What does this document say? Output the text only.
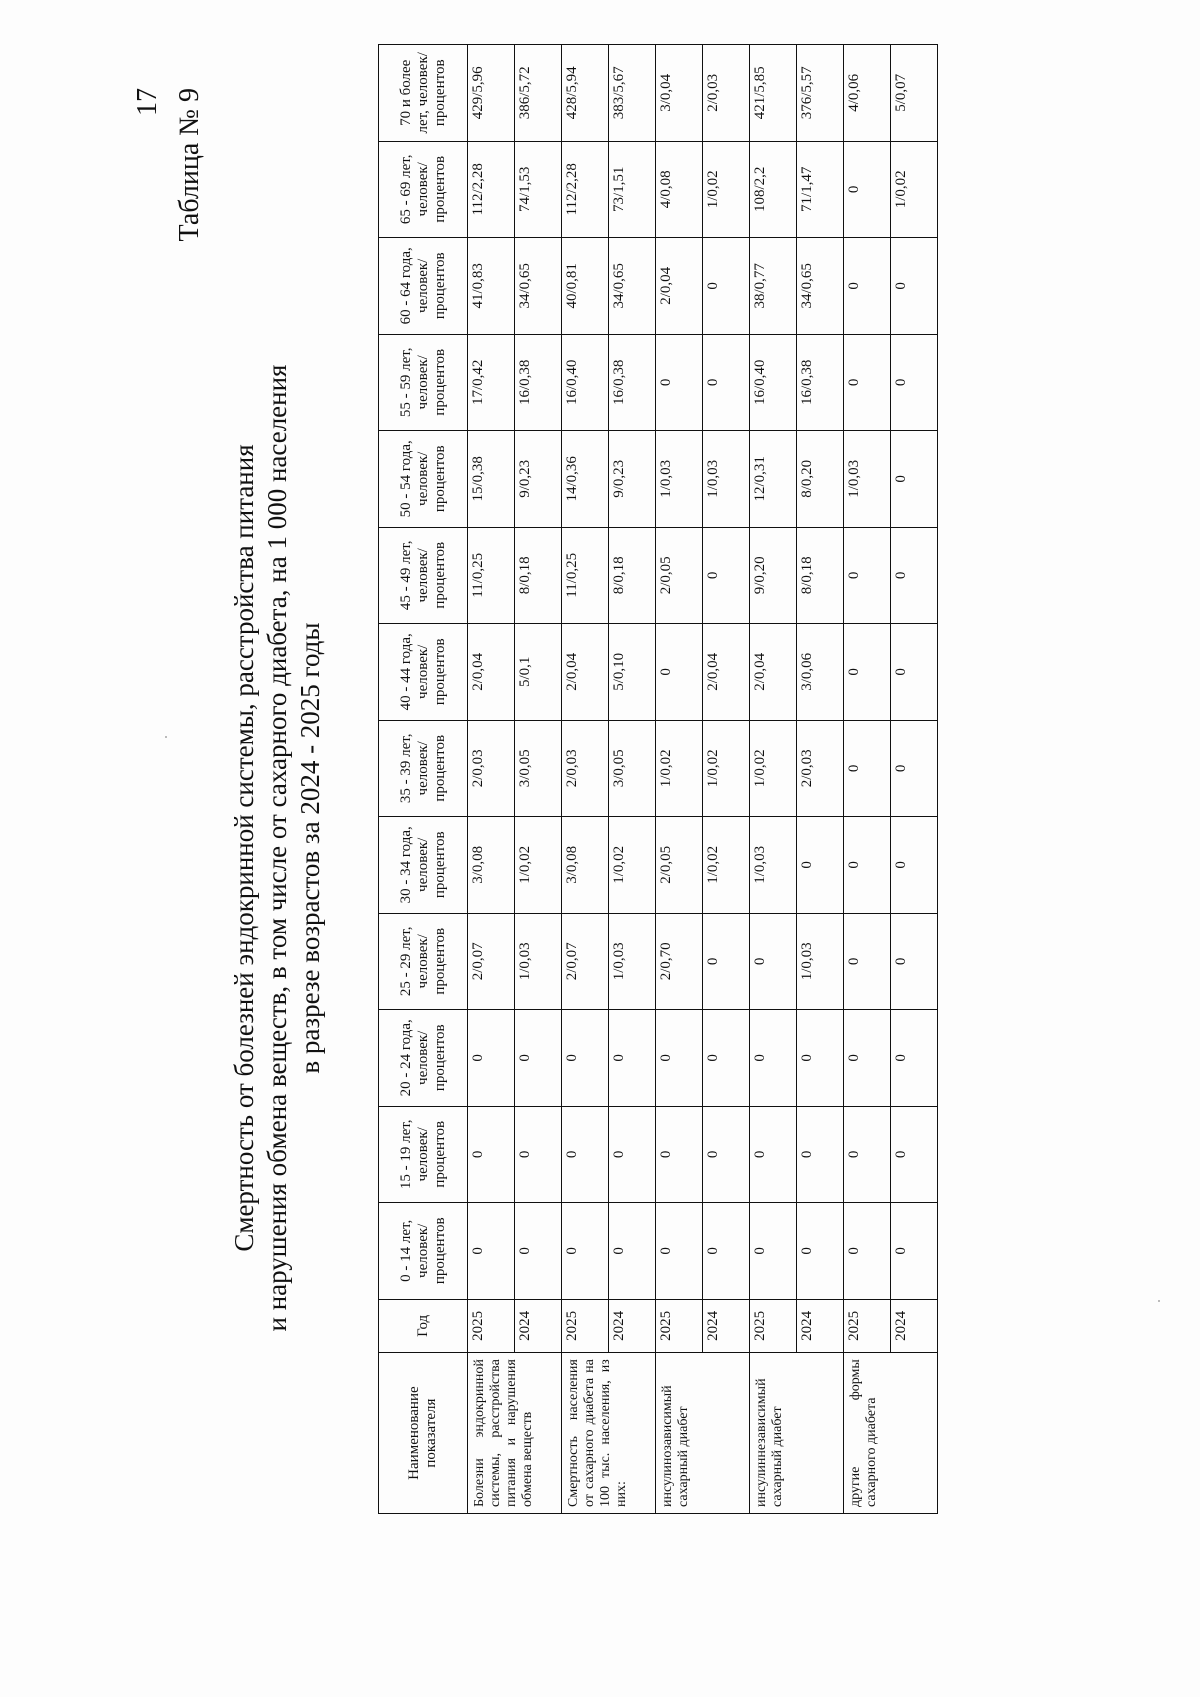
17 Таблица № 9
Смертность от болезней эндокринной системы, расстройства питания и нарушения обмена веществ, в том числе от сахарного диабета, на 1 000 населения в разрезе возрастов за 2024 - 2025 годы
Наименование показателя	Год	0 - 14 лет, человек/ процентов	15 - 19 лет, человек/ процентов	20 - 24 года, человек/ процентов	25 - 29 лет, человек/ процентов	30 - 34 года, человек/ процентов	35 - 39 лет, человек/ процентов	40 - 44 года, человек/ процентов	45 - 49 лет, человек/ процентов	50 - 54 года, человек/ процентов	55 - 59 лет, человек/ процентов	60 - 64 года, человек/ процентов	65 - 69 лет, человек/ процентов	70 и более лет, человек/ процентов
Болезни эндокринной системы, расстройства питания и нарушения обмена веществ	2025	0	0	0	2/0,07	3/0,08	2/0,03	2/0,04	11/0,25	15/0,38	17/0,42	41/0,83	112/2,28	429/5,96
	2024	0	0	0	1/0,03	1/0,02	3/0,05	5/0,1	8/0,18	9/0,23	16/0,38	34/0,65	74/1,53	386/5,72
Смертность населения от сахарного диабета на 100 тыс. населения, из них:	2025	0	0	0	2/0,07	3/0,08	2/0,03	2/0,04	11/0,25	14/0,36	16/0,40	40/0,81	112/2,28	428/5,94
	2024	0	0	0	1/0,03	1/0,02	3/0,05	5/0,10	8/0,18	9/0,23	16/0,38	34/0,65	73/1,51	383/5,67
инсулинозависимый сахарный диабет	2025	0	0	0	2/0,70	2/0,05	1/0,02	0	2/0,05	1/0,03	0	2/0,04	4/0,08	3/0,04
	2024	0	0	0	0	1/0,02	1/0,02	2/0,04	0	1/0,03	0	0	1/0,02	2/0,03
инсулиннезависимый сахарный диабет	2025	0	0	0	0	1/0,03	1/0,02	2/0,04	9/0,20	12/0,31	16/0,40	38/0,77	108/2,2	421/5,85
	2024	0	0	0	1/0,03	0	2/0,03	3/0,06	8/0,18	8/0,20	16/0,38	34/0,65	71/1,47	376/5,57
другие формы сахарного диабета	2025	0	0	0	0	0	0	0	0	1/0,03	0	0	0	4/0,06
	2024	0	0	0	0	0	0	0	0	0	0	0	1/0,02	5/0,07
